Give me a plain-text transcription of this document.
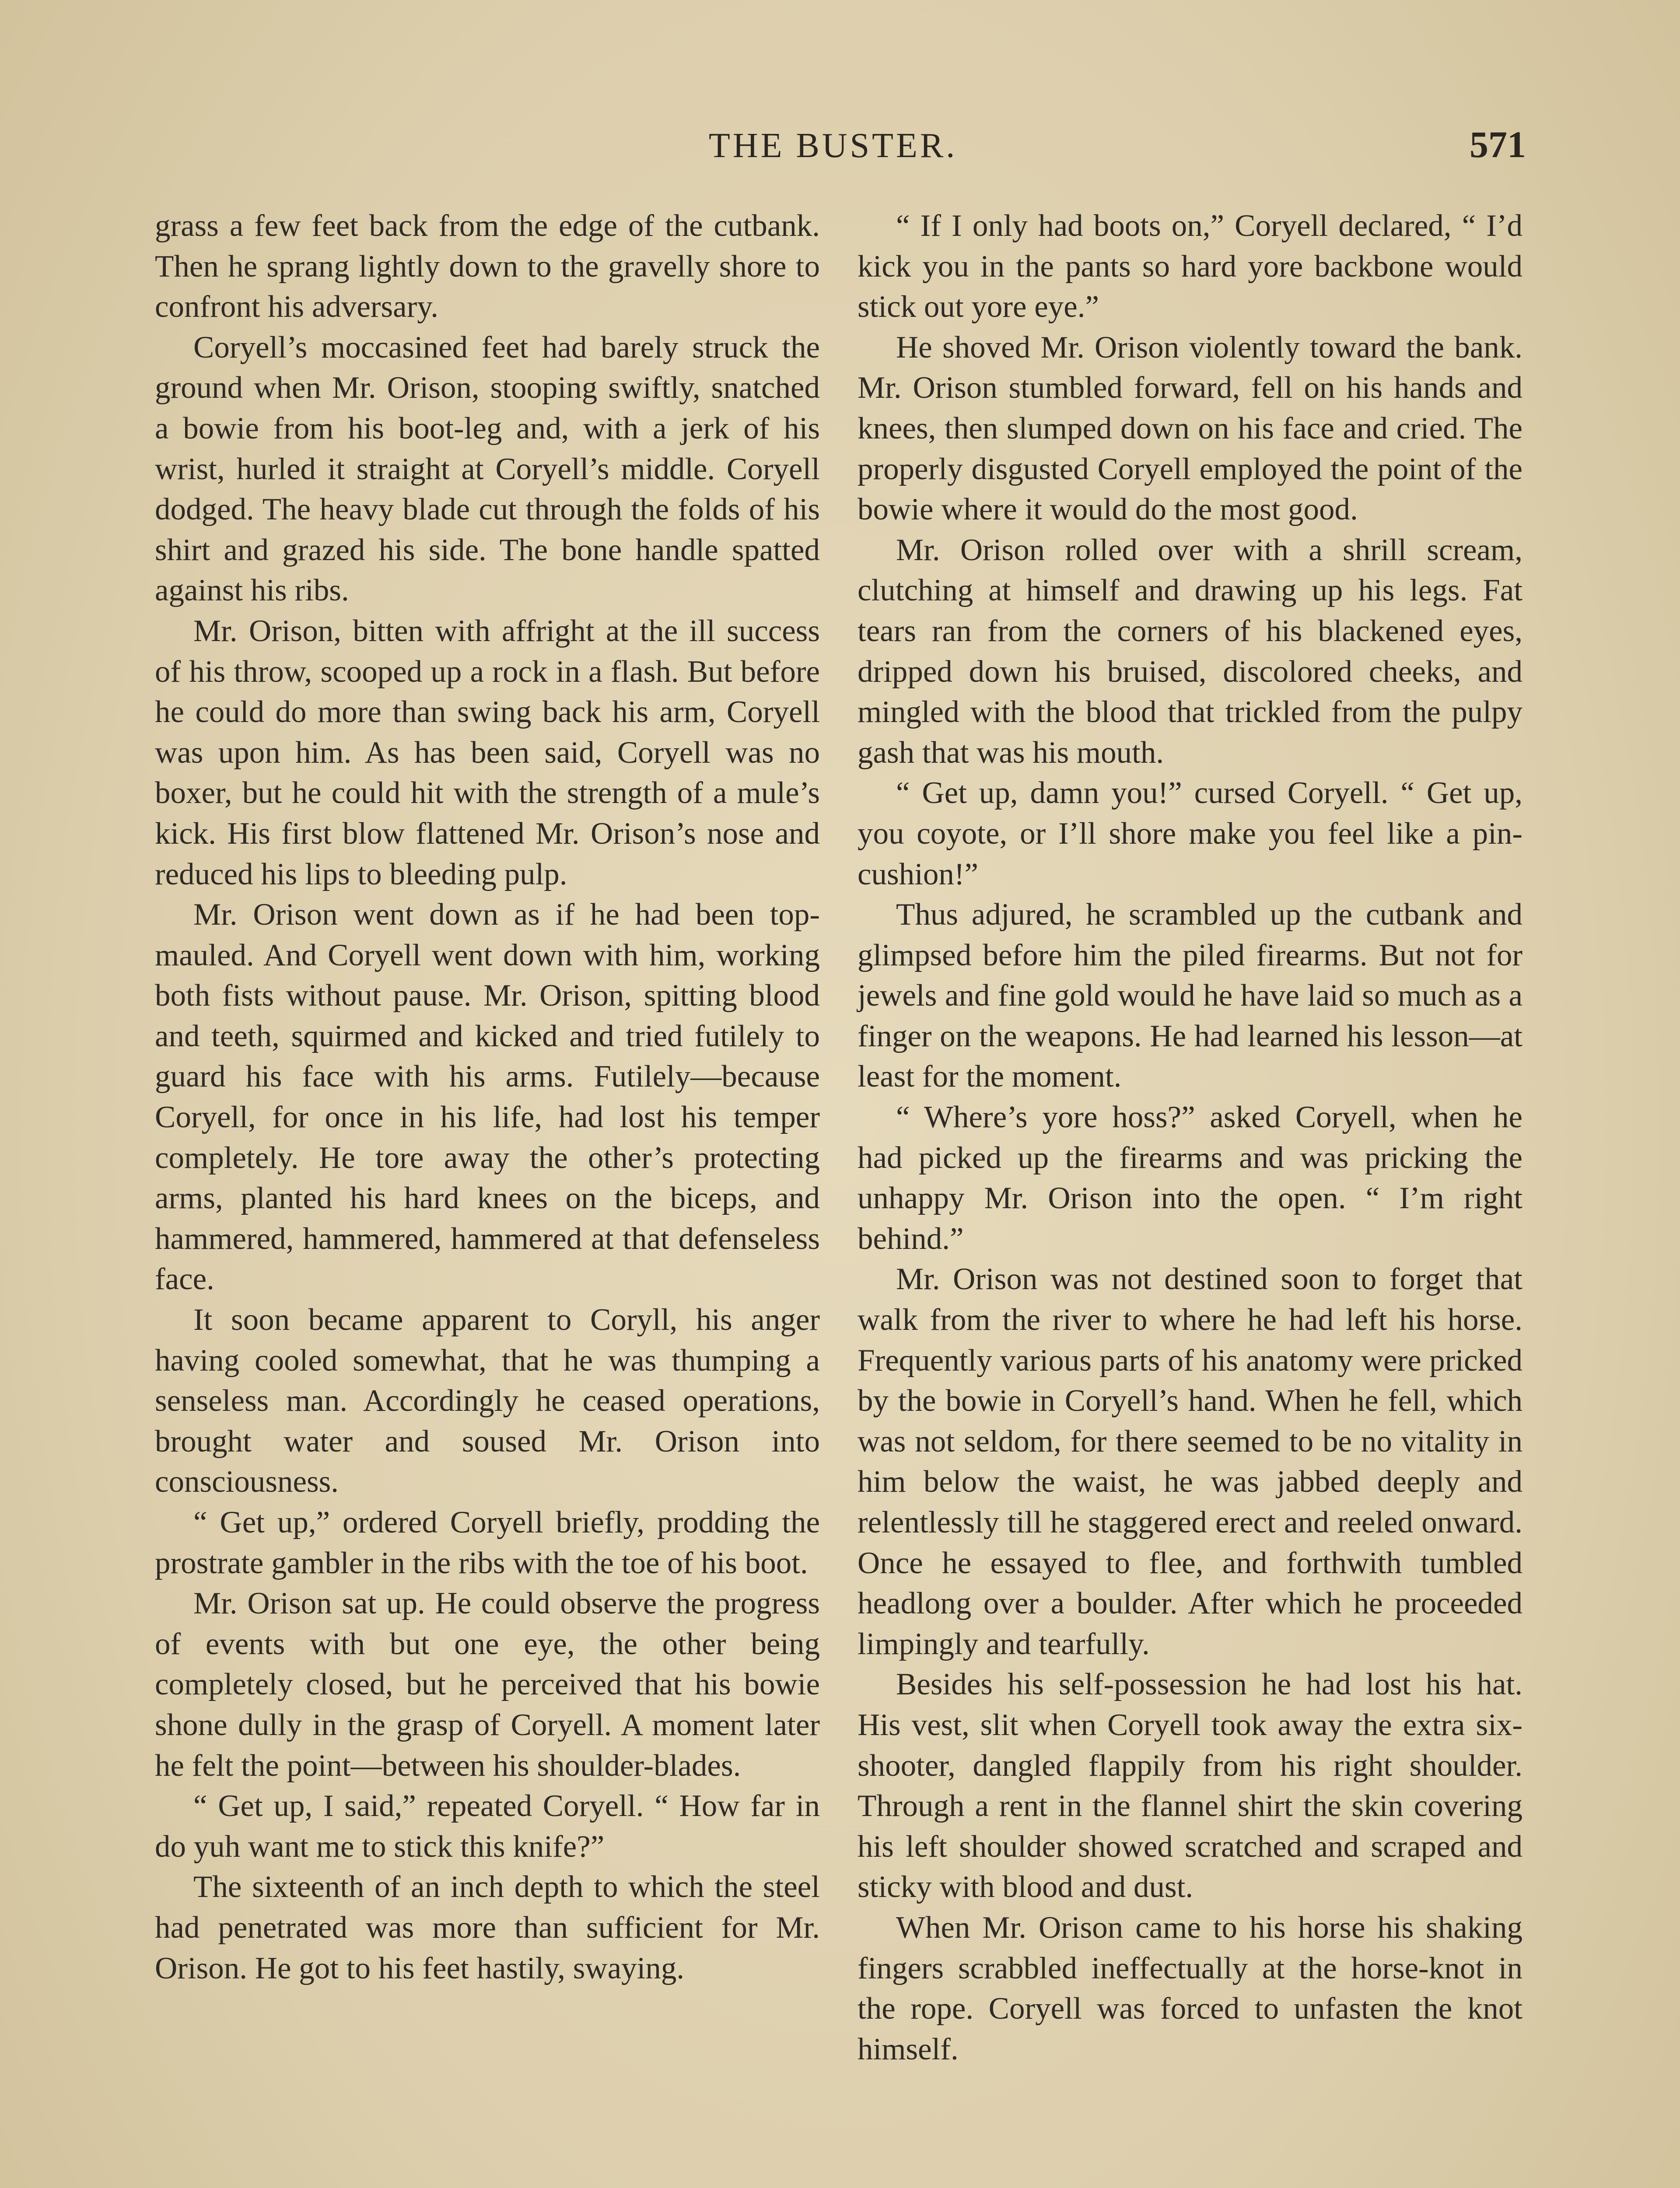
THE BUSTER.	571

grass a few feet back from the edge of the cutbank. Then he sprang lightly down to the gravelly shore to confront his adversary.

Coryell’s moccasined feet had barely struck the ground when Mr. Orison, stooping swiftly, snatched a bowie from his boot-leg and, with a jerk of his wrist, hurled it straight at Coryell’s middle. Coryell dodged. The heavy blade cut through the folds of his shirt and grazed his side. The bone handle spatted against his ribs.

Mr. Orison, bitten with affright at the ill success of his throw, scooped up a rock in a flash. But before he could do more than swing back his arm, Coryell was upon him. As has been said, Coryell was no boxer, but he could hit with the strength of a mule’s kick. His first blow flattened Mr. Orison’s nose and reduced his lips to bleeding pulp.

Mr. Orison went down as if he had been top-mauled. And Coryell went down with him, working both fists without pause. Mr. Orison, spitting blood and teeth, squirmed and kicked and tried futilely to guard his face with his arms. Futilely—because Coryell, for once in his life, had lost his temper completely. He tore away the other’s protecting arms, planted his hard knees on the biceps, and hammered, hammered, hammered at that defenseless face.

It soon became apparent to Coryll, his anger having cooled somewhat, that he was thumping a senseless man. Accordingly he ceased operations, brought water and soused Mr. Orison into consciousness.

“ Get up,” ordered Coryell briefly, prodding the prostrate gambler in the ribs with the toe of his boot.

Mr. Orison sat up. He could observe the progress of events with but one eye, the other being completely closed, but he perceived that his bowie shone dully in the grasp of Coryell. A moment later he felt the point—between his shoulder-blades.

“ Get up, I said,” repeated Coryell. “ How far in do yuh want me to stick this knife?”

The sixteenth of an inch depth to which the steel had penetrated was more than sufficient for Mr. Orison. He got to his feet hastily, swaying.

“ If I only had boots on,” Coryell declared, “ I’d kick you in the pants so hard yore backbone would stick out yore eye.”

He shoved Mr. Orison violently toward the bank. Mr. Orison stumbled forward, fell on his hands and knees, then slumped down on his face and cried. The properly disgusted Coryell employed the point of the bowie where it would do the most good.

Mr. Orison rolled over with a shrill scream, clutching at himself and drawing up his legs. Fat tears ran from the corners of his blackened eyes, dripped down his bruised, discolored cheeks, and mingled with the blood that trickled from the pulpy gash that was his mouth.

“ Get up, damn you!” cursed Coryell. “ Get up, you coyote, or I’ll shore make you feel like a pin-cushion!”

Thus adjured, he scrambled up the cutbank and glimpsed before him the piled firearms. But not for jewels and fine gold would he have laid so much as a finger on the weapons. He had learned his lesson—at least for the moment.

“ Where’s yore hoss?” asked Coryell, when he had picked up the firearms and was pricking the unhappy Mr. Orison into the open. “ I’m right behind.”

Mr. Orison was not destined soon to forget that walk from the river to where he had left his horse. Frequently various parts of his anatomy were pricked by the bowie in Coryell’s hand. When he fell, which was not seldom, for there seemed to be no vitality in him below the waist, he was jabbed deeply and relentlessly till he staggered erect and reeled onward. Once he essayed to flee, and forthwith tumbled headlong over a boulder. After which he proceeded limpingly and tearfully.

Besides his self-possession he had lost his hat. His vest, slit when Coryell took away the extra six-shooter, dangled flappily from his right shoulder. Through a rent in the flannel shirt the skin covering his left shoulder showed scratched and scraped and sticky with blood and dust.

When Mr. Orison came to his horse his shaking fingers scrabbled ineffectually at the horse-knot in the rope. Coryell was forced to unfasten the knot himself.
